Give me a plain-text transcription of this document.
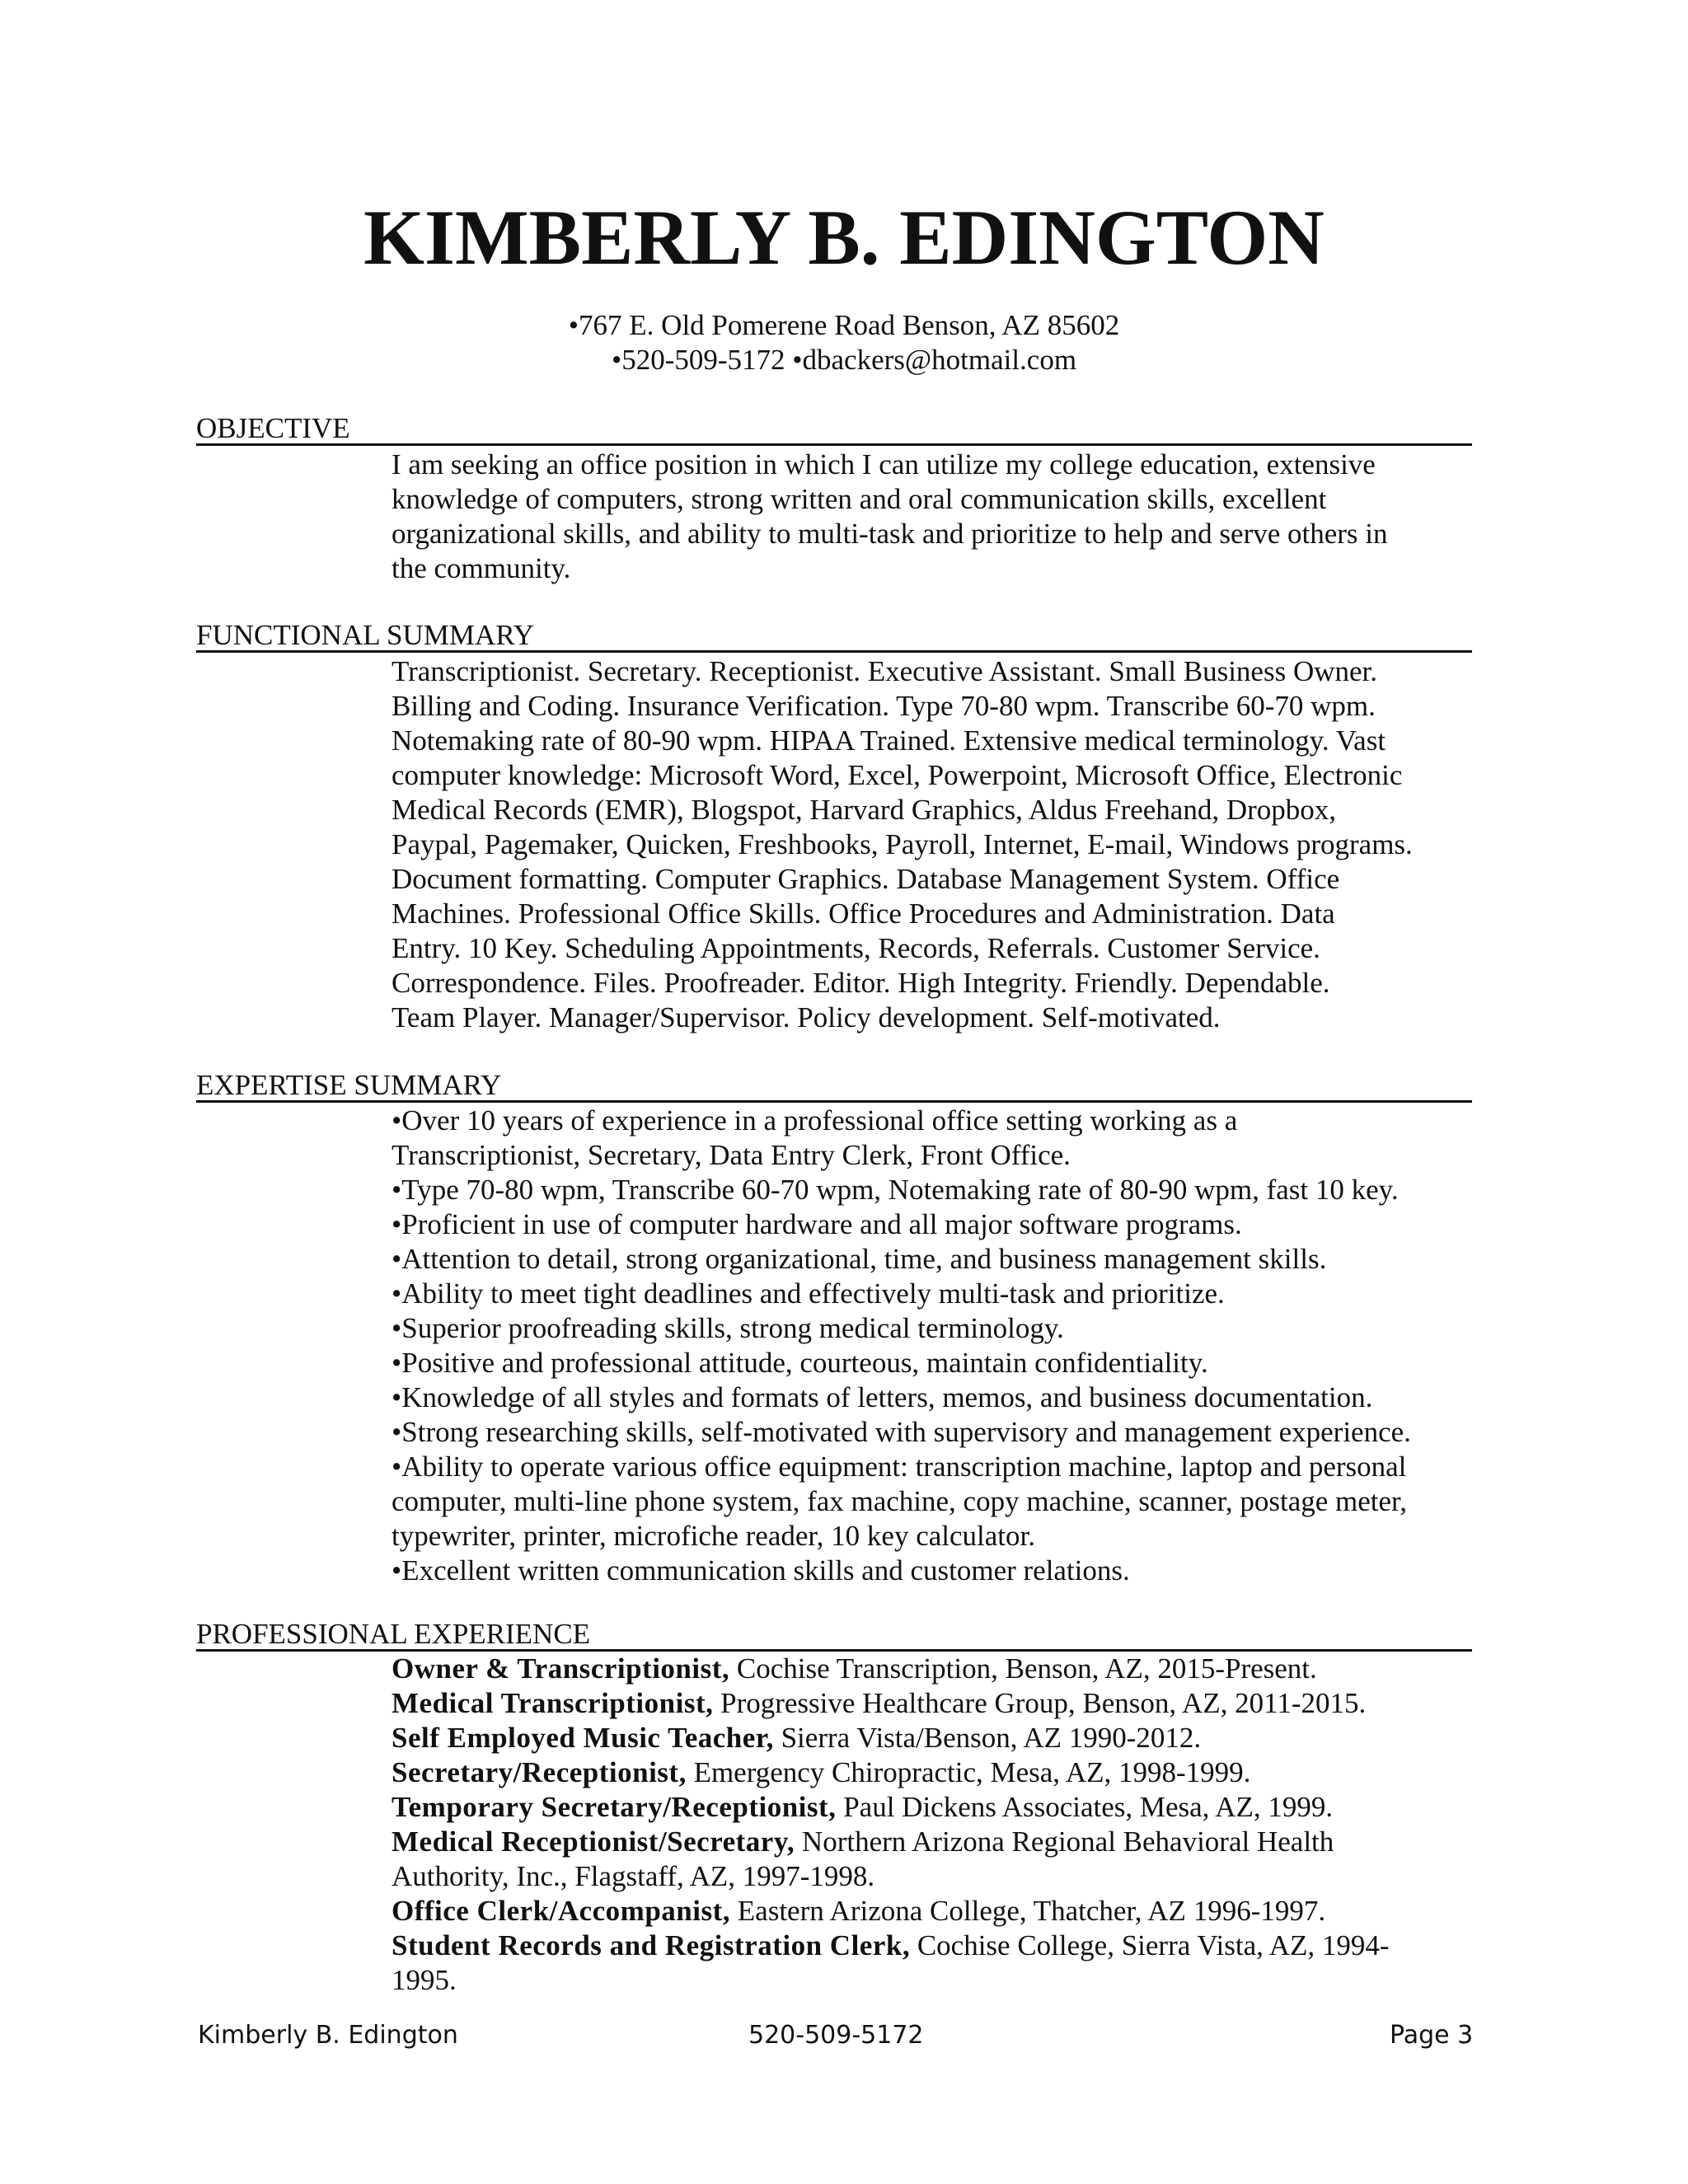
KIMBERLY B. EDINGTON
•767 E. Old Pomerene Road Benson, AZ 85602
•520-509-5172 •dbackers@hotmail.com
OBJECTIVE

I am seeking an office position in which I can utilize my college education, extensive

knowledge of computers, strong written and oral communication skills, excellent

organizational skills, and ability to multi-task and prioritize to help and serve others in

the community.

FUNCTIONAL SUMMARY

Transcriptionist. Secretary. Receptionist. Executive Assistant. Small Business Owner.

Billing and Coding. Insurance Verification. Type 70-80 wpm. Transcribe 60-70 wpm.

Notemaking rate of 80-90 wpm. HIPAA Trained. Extensive medical terminology. Vast

computer knowledge: Microsoft Word, Excel, Powerpoint, Microsoft Office, Electronic

Medical Records (EMR), Blogspot, Harvard Graphics, Aldus Freehand, Dropbox,

Paypal, Pagemaker, Quicken, Freshbooks, Payroll, Internet, E-mail, Windows programs.

Document formatting. Computer Graphics. Database Management System. Office

Machines. Professional Office Skills. Office Procedures and Administration. Data

Entry. 10 Key. Scheduling Appointments, Records, Referrals. Customer Service.

Correspondence. Files. Proofreader. Editor. High Integrity. Friendly. Dependable.

Team Player. Manager/Supervisor. Policy development. Self-motivated.

EXPERTISE SUMMARY

•Over 10 years of experience in a professional office setting working as a

Transcriptionist, Secretary, Data Entry Clerk, Front Office.

•Type 70-80 wpm, Transcribe 60-70 wpm, Notemaking rate of 80-90 wpm, fast 10 key.

•Proficient in use of computer hardware and all major software programs.

•Attention to detail, strong organizational, time, and business management skills.

•Ability to meet tight deadlines and effectively multi-task and prioritize.

•Superior proofreading skills, strong medical terminology.

•Positive and professional attitude, courteous, maintain confidentiality.

•Knowledge of all styles and formats of letters, memos, and business documentation.

•Strong researching skills, self-motivated with supervisory and management experience.

•Ability to operate various office equipment: transcription machine, laptop and personal

computer, multi-line phone system, fax machine, copy machine, scanner, postage meter,

typewriter, printer, microfiche reader, 10 key calculator.

•Excellent written communication skills and customer relations.

PROFESSIONAL EXPERIENCE

Owner & Transcriptionist, Cochise Transcription, Benson, AZ, 2015-Present.

Medical Transcriptionist, Progressive Healthcare Group, Benson, AZ, 2011-2015.

Self Employed Music Teacher, Sierra Vista/Benson, AZ 1990-2012.

Secretary/Receptionist, Emergency Chiropractic, Mesa, AZ, 1998-1999.

Temporary Secretary/Receptionist, Paul Dickens Associates, Mesa, AZ, 1999.

Medical Receptionist/Secretary, Northern Arizona Regional Behavioral Health

Authority, Inc., Flagstaff, AZ, 1997-1998.

Office Clerk/Accompanist, Eastern Arizona College, Thatcher, AZ 1996-1997.

Student Records and Registration Clerk, Cochise College, Sierra Vista, AZ, 1994-

1995.

Kimberly B. Edington	520-509-5172	Page 3
